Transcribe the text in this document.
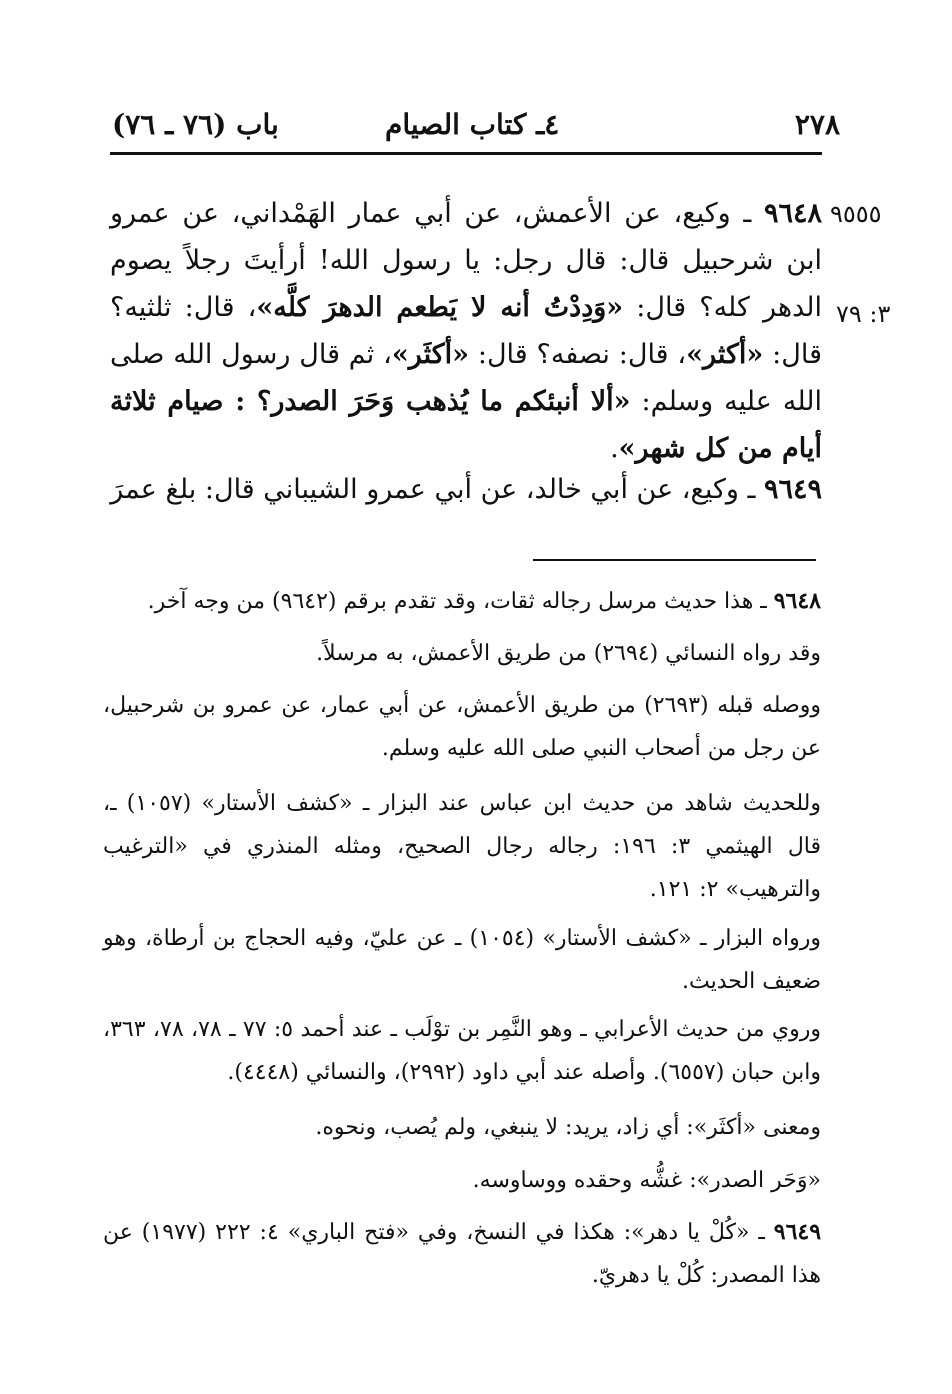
٢٧٨
٤ـ كتاب الصيام
باب (٧٦ ـ ٧٦)
٩٥٥٥
٣: ٧٩

٩٦٤٨ ـ وكيع، عن الأعمش، عن أبي عمار الهَمْداني، عن عمرو ابن شرحبيل قال: قال رجل: يا رسول الله! أرأيتَ رجلاً يصوم الدهر كله؟ قال: «وَدِدْتُ أنه لا يَطعم الدهرَ كلَّه»، قال: ثلثيه؟ قال: «أكثر»، قال: نصفه؟ قال: «أكثَر»، ثم قال رسول الله صلى الله عليه وسلم: «ألا أنبئكم ما يُذهب وَحَرَ الصدر؟ : صيام ثلاثة أيام من كل شهر».

٩٦٤٩ ـ وكيع، عن أبي خالد، عن أبي عمرو الشيباني قال: بلغ عمرَ

٩٦٤٨ ـ هذا حديث مرسل رجاله ثقات، وقد تقدم برقم (٩٦٤٢) من وجه آخر.

وقد رواه النسائي (٢٦٩٤) من طريق الأعمش، به مرسلاً.

ووصله قبله (٢٦٩٣) من طريق الأعمش، عن أبي عمار، عن عمرو بن شرحبيل، عن رجل من أصحاب النبي صلى الله عليه وسلم.

وللحديث شاهد من حديث ابن عباس عند البزار ـ «كشف الأستار» (١٠٥٧) ـ، قال الهيثمي ٣: ١٩٦: رجاله رجال الصحيح، ومثله المنذري في «الترغيب والترهيب» ٢: ١٢١.

ورواه البزار ـ «كشف الأستار» (١٠٥٤) ـ عن عليّ، وفيه الحجاج بن أرطاة، وهو ضعيف الحديث.

وروي من حديث الأعرابي ـ وهو النَّمِر بن توْلَب ـ عند أحمد ٥: ٧٧ ـ ٧٨، ٧٨، ٣٦٣، وابن حبان (٦٥٥٧). وأصله عند أبي داود (٢٩٩٢)، والنسائي (٤٤٤٨).

ومعنى «أكثَر»: أي زاد، يريد: لا ينبغي، ولم يُصب، ونحوه.

«وَحَر الصدر»: غشُّه وحقده ووساوسه.

٩٦٤٩ ـ «كُلْ يا دهر»: هكذا في النسخ، وفي «فتح الباري» ٤: ٢٢٢ (١٩٧٧) عن هذا المصدر: كُلْ يا دهريّ.
